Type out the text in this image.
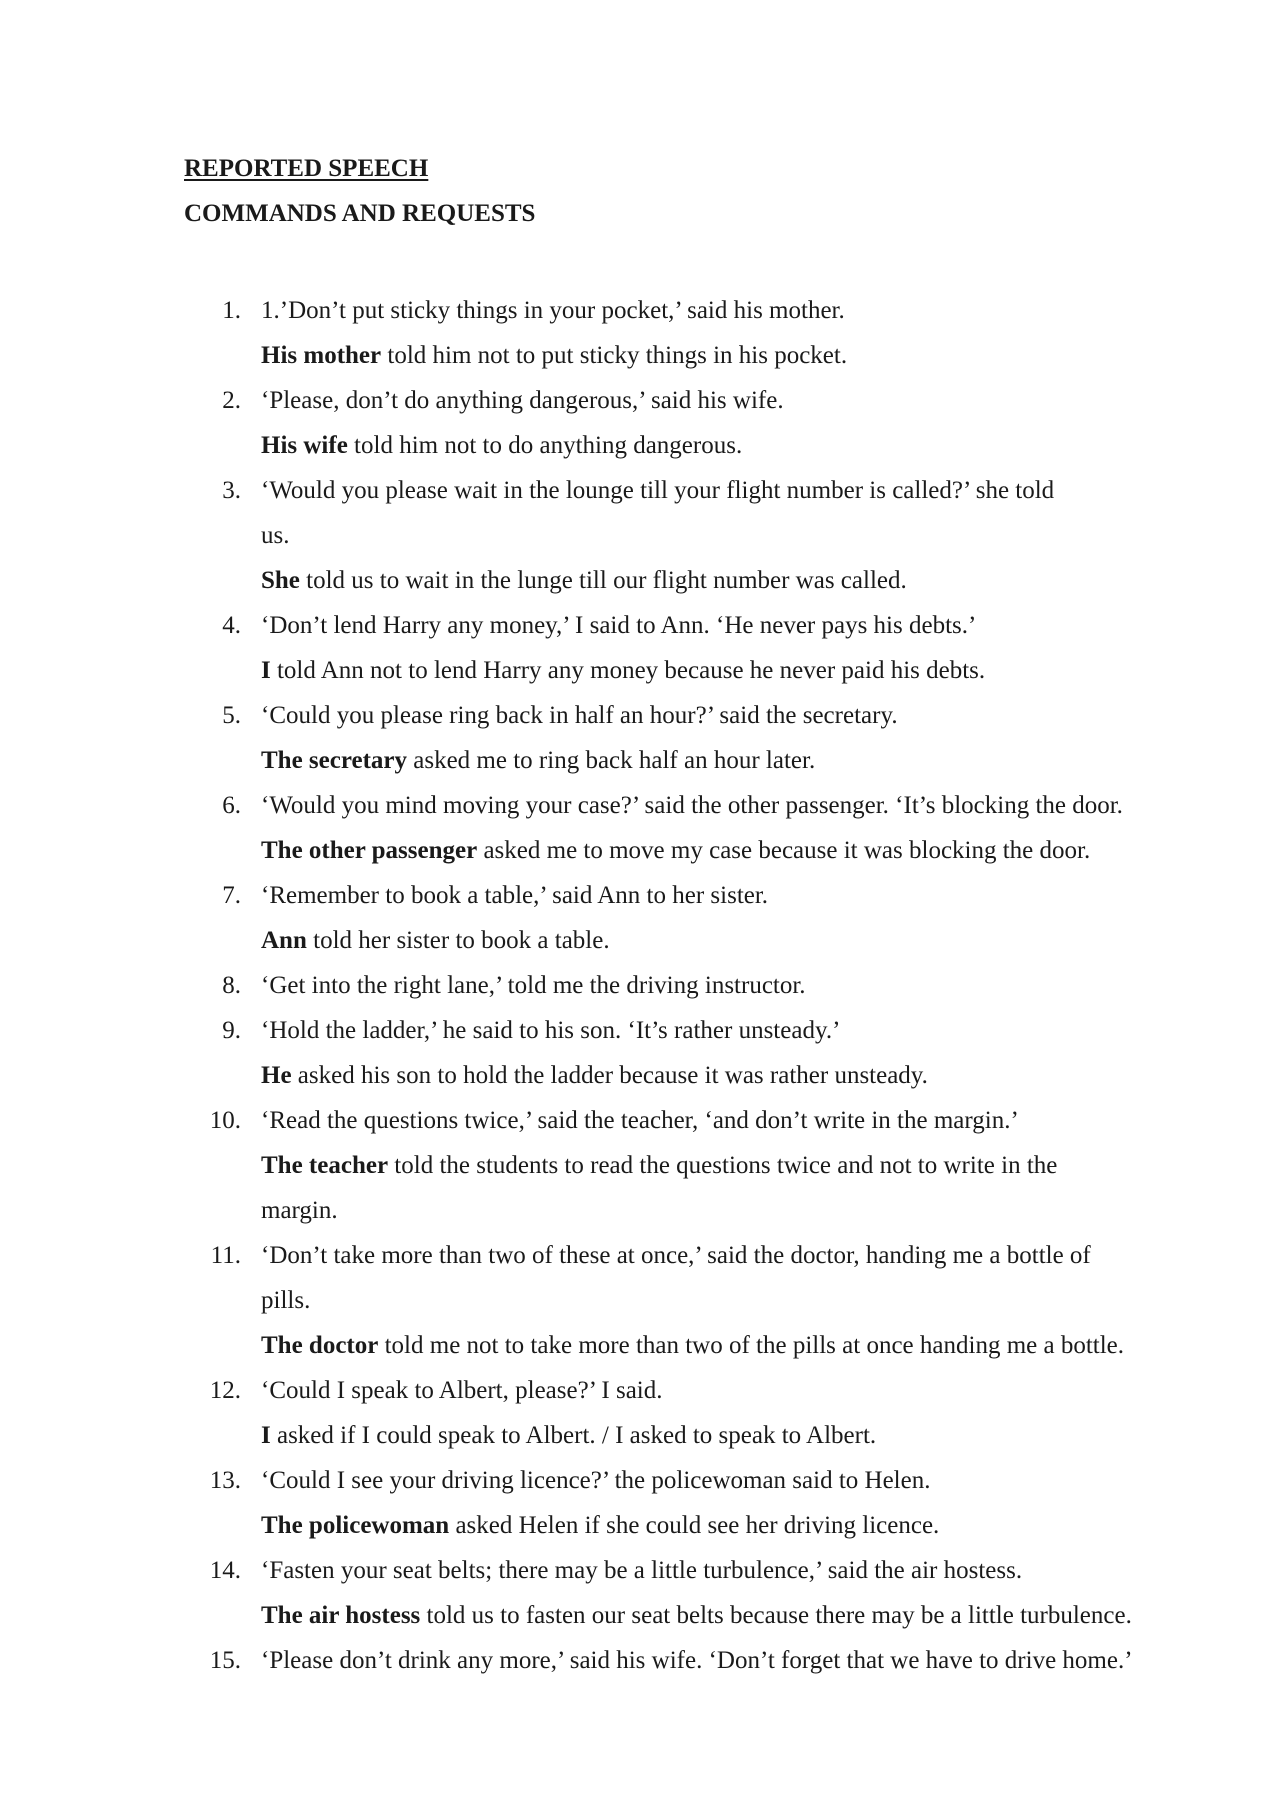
REPORTED SPEECH
COMMANDS AND REQUESTS
1. 1.’Don’t put sticky things in your pocket,’ said his mother.
His mother told him not to put sticky things in his pocket.
2. ‘Please, don’t do anything dangerous,’ said his wife.
His wife told him not to do anything dangerous.
3. ‘Would you please wait in the lounge till your flight number is called?’ she told
us.
She told us to wait in the lunge till our flight number was called.
4. ‘Don’t lend Harry any money,’ I said to Ann. ‘He never pays his debts.’
I told Ann not to lend Harry any money because he never paid his debts.
5. ‘Could you please ring back in half an hour?’ said the secretary.
The secretary asked me to ring back half an hour later.
6. ‘Would you mind moving your case?’ said the other passenger. ‘It’s blocking the door.
The other passenger asked me to move my case because it was blocking the door.
7. ‘Remember to book a table,’ said Ann to her sister.
Ann told her sister to book a table.
8. ‘Get into the right lane,’ told me the driving instructor.
9. ‘Hold the ladder,’ he said to his son. ‘It’s rather unsteady.’
He asked his son to hold the ladder because it was rather unsteady.
10. ‘Read the questions twice,’ said the teacher, ‘and don’t write in the margin.’
The teacher told the students to read the questions twice and not to write in the
margin.
11. ‘Don’t take more than two of these at once,’ said the doctor, handing me a bottle of
pills.
The doctor told me not to take more than two of the pills at once handing me a bottle.
12. ‘Could I speak to Albert, please?’ I said.
I asked if I could speak to Albert. / I asked to speak to Albert.
13. ‘Could I see your driving licence?’ the policewoman said to Helen.
The policewoman asked Helen if she could see her driving licence.
14. ‘Fasten your seat belts; there may be a little turbulence,’ said the air hostess.
The air hostess told us to fasten our seat belts because there may be a little turbulence.
15. ‘Please don’t drink any more,’ said his wife. ‘Don’t forget that we have to drive home.’
